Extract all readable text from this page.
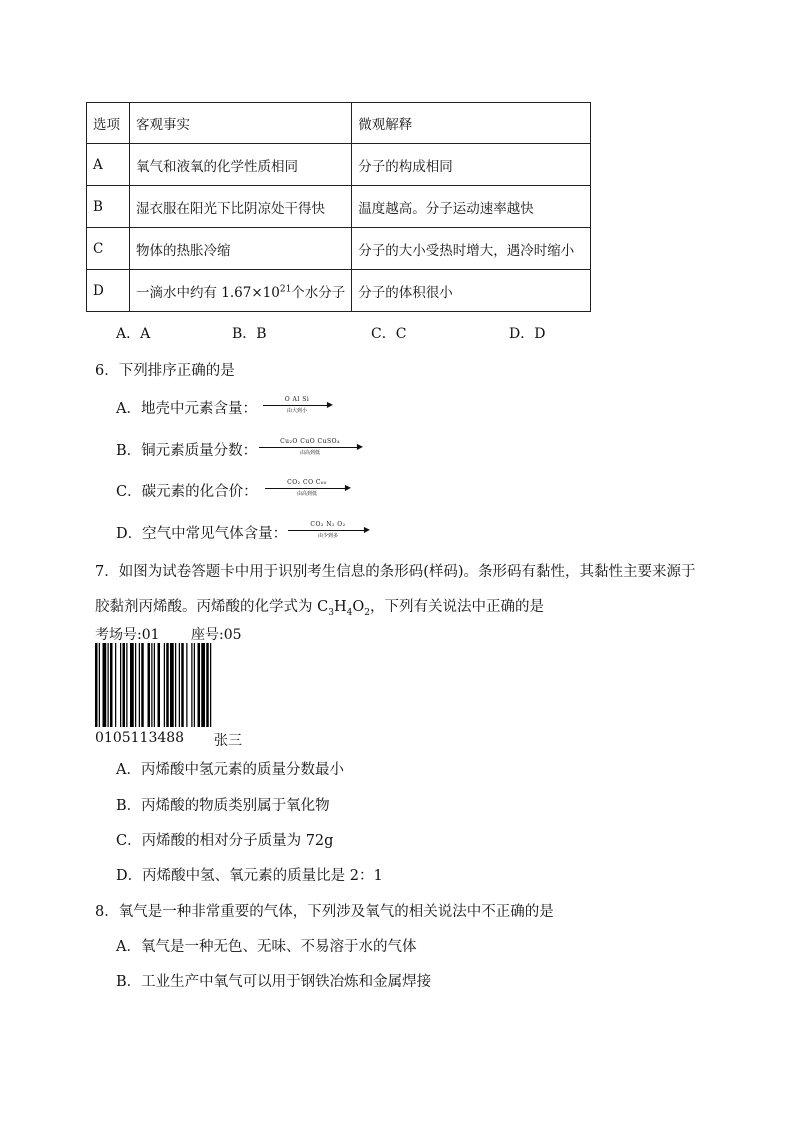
选项	客观事实	微观解释
A	氧气和液氧的化学性质相同	分子的构成相同
B	湿衣服在阳光下比阴凉处干得快	温度越高。分子运动速率越快
C	物体的热胀冷缩	分子的大小受热时增大，遇冷时缩小
D	一滴水中约有 $1.67\times 10^{21}$个水分子	分子的体积很小
A．A	B．B	C．C	D．D
6．下列排序正确的是
A．地壳中元素含量：
O Al Si
▶
由大到小
B．铜元素质量分数：
Cu₂O CuO CuSO₄
▶
由高到低
C．碳元素的化合价：
CO₂ CO C₆₀
▶
由高到低
D．空气中常见气体含量：
CO₂ N₂ O₂
▶
由少到多
7．如图为试卷答题卡中用于识别考生信息的条形码(样码)。条形码有黏性，其黏性主要来源于
胶黏剂丙烯酸。丙烯酸的化学式为 $C_3H_4O_2$，下列有关说法中正确的是
考场号:01 座号:05
0105113488 张三
A．丙烯酸中氢元素的质量分数最小
B．丙烯酸的物质类别属于氧化物
C．丙烯酸的相对分子质量为 72g
D．丙烯酸中氢、氧元素的质量比是 2：1
8．氧气是一种非常重要的气体，下列涉及氧气的相关说法中不正确的是
A．氧气是一种无色、无味、不易溶于水的气体
B．工业生产中氧气可以用于钢铁冶炼和金属焊接
